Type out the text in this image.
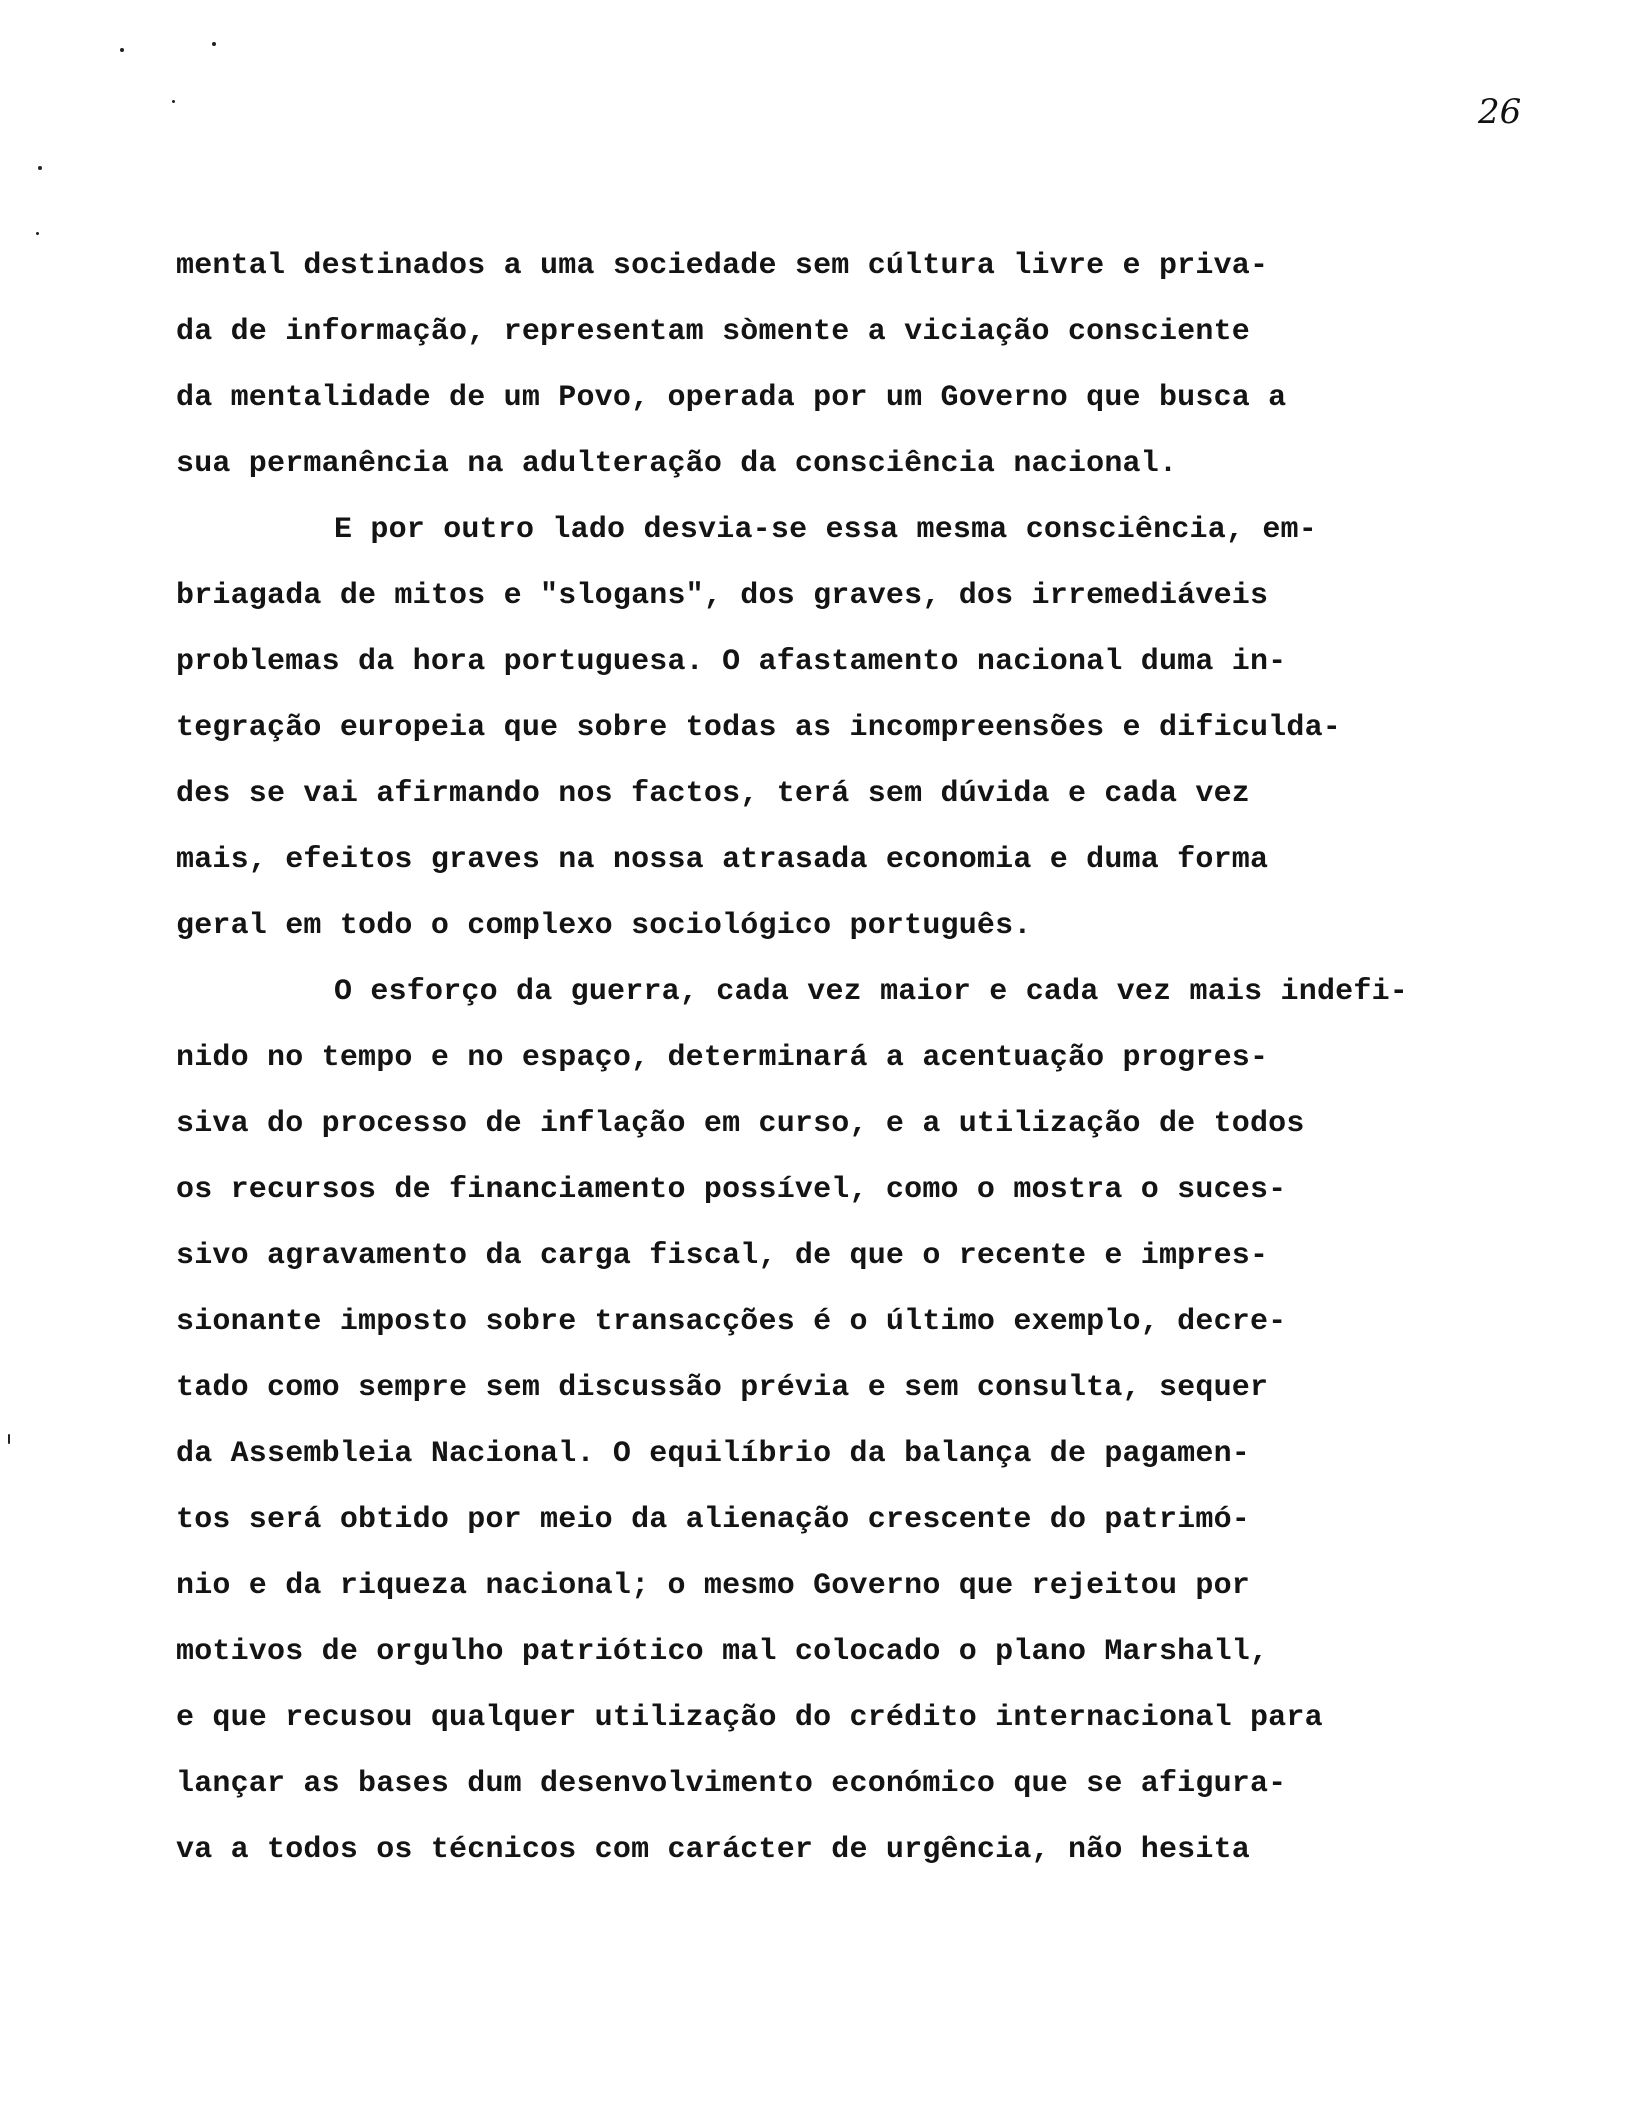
26
mental destinados a uma sociedade sem cúltura livre e priva-
da de informação, representam sòmente a viciação consciente
da mentalidade de um Povo, operada por um Governo que busca a
sua permanência na adulteração da consciência nacional.
E por outro lado desvia-se essa mesma consciência, em-
briagada de mitos e "slogans", dos graves, dos irremediáveis
problemas da hora portuguesa. O afastamento nacional duma in-
tegração europeia que sobre todas as incompreensões e dificulda-
des se vai afirmando nos factos, terá sem dúvida e cada vez
mais, efeitos graves na nossa atrasada economia e duma forma
geral em todo o complexo sociológico português.
O esforço da guerra, cada vez maior e cada vez mais indefi-
nido no tempo e no espaço, determinará a acentuação progres-
siva do processo de inflação em curso, e a utilização de todos
os recursos de financiamento possível, como o mostra o suces-
sivo agravamento da carga fiscal, de que o recente e impres-
sionante imposto sobre transacções é o último exemplo, decre-
tado como sempre sem discussão prévia e sem consulta, sequer
da Assembleia Nacional. O equilíbrio da balança de pagamen-
tos será obtido por meio da alienação crescente do patrimó-
nio e da riqueza nacional; o mesmo Governo que rejeitou por
motivos de orgulho patriótico mal colocado o plano Marshall,
e que recusou qualquer utilização do crédito internacional para
lançar as bases dum desenvolvimento económico que se afigura-
va a todos os técnicos com carácter de urgência, não hesita
